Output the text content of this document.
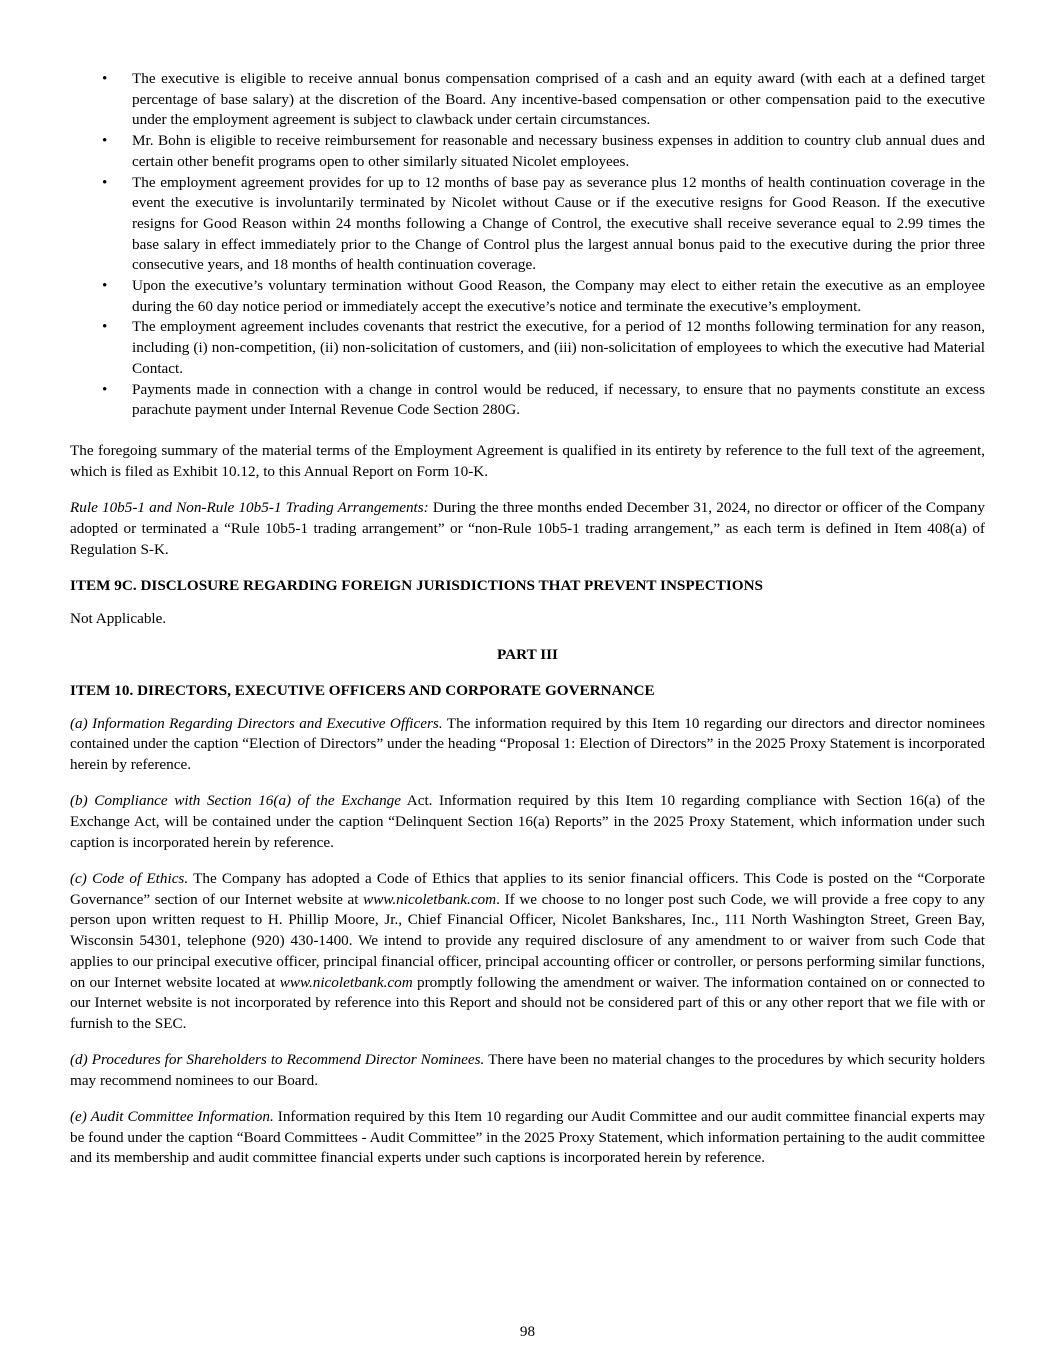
• The executive is eligible to receive annual bonus compensation comprised of a cash and an equity award (with each at a defined target percentage of base salary) at the discretion of the Board. Any incentive-based compensation or other compensation paid to the executive under the employment agreement is subject to clawback under certain circumstances.
• Mr. Bohn is eligible to receive reimbursement for reasonable and necessary business expenses in addition to country club annual dues and certain other benefit programs open to other similarly situated Nicolet employees.
• The employment agreement provides for up to 12 months of base pay as severance plus 12 months of health continuation coverage in the event the executive is involuntarily terminated by Nicolet without Cause or if the executive resigns for Good Reason. If the executive resigns for Good Reason within 24 months following a Change of Control, the executive shall receive severance equal to 2.99 times the base salary in effect immediately prior to the Change of Control plus the largest annual bonus paid to the executive during the prior three consecutive years, and 18 months of health continuation coverage.
• Upon the executive’s voluntary termination without Good Reason, the Company may elect to either retain the executive as an employee during the 60 day notice period or immediately accept the executive’s notice and terminate the executive’s employment.
• The employment agreement includes covenants that restrict the executive, for a period of 12 months following termination for any reason, including (i) non-competition, (ii) non-solicitation of customers, and (iii) non-solicitation of employees to which the executive had Material Contact.
• Payments made in connection with a change in control would be reduced, if necessary, to ensure that no payments constitute an excess parachute payment under Internal Revenue Code Section 280G.

The foregoing summary of the material terms of the Employment Agreement is qualified in its entirety by reference to the full text of the agreement, which is filed as Exhibit 10.12, to this Annual Report on Form 10-K.

Rule 10b5-1 and Non-Rule 10b5-1 Trading Arrangements: During the three months ended December 31, 2024, no director or officer of the Company adopted or terminated a “Rule 10b5-1 trading arrangement” or “non-Rule 10b5-1 trading arrangement,” as each term is defined in Item 408(a) of Regulation S-K.

ITEM 9C. DISCLOSURE REGARDING FOREIGN JURISDICTIONS THAT PREVENT INSPECTIONS

Not Applicable.

PART III
ITEM 10. DIRECTORS, EXECUTIVE OFFICERS AND CORPORATE GOVERNANCE

(a) Information Regarding Directors and Executive Officers. The information required by this Item 10 regarding our directors and director nominees contained under the caption “Election of Directors” under the heading “Proposal 1: Election of Directors” in the 2025 Proxy Statement is incorporated herein by reference.

(b) Compliance with Section 16(a) of the Exchange Act. Information required by this Item 10 regarding compliance with Section 16(a) of the Exchange Act, will be contained under the caption “Delinquent Section 16(a) Reports” in the 2025 Proxy Statement, which information under such caption is incorporated herein by reference.

(c) Code of Ethics. The Company has adopted a Code of Ethics that applies to its senior financial officers. This Code is posted on the “Corporate Governance” section of our Internet website at www.nicoletbank.com. If we choose to no longer post such Code, we will provide a free copy to any person upon written request to H. Phillip Moore, Jr., Chief Financial Officer, Nicolet Bankshares, Inc., 111 North Washington Street, Green Bay, Wisconsin 54301, telephone (920) 430-1400. We intend to provide any required disclosure of any amendment to or waiver from such Code that applies to our principal executive officer, principal financial officer, principal accounting officer or controller, or persons performing similar functions, on our Internet website located at www.nicoletbank.com promptly following the amendment or waiver. The information contained on or connected to our Internet website is not incorporated by reference into this Report and should not be considered part of this or any other report that we file with or furnish to the SEC.

(d) Procedures for Shareholders to Recommend Director Nominees. There have been no material changes to the procedures by which security holders may recommend nominees to our Board.

(e) Audit Committee Information. Information required by this Item 10 regarding our Audit Committee and our audit committee financial experts may be found under the caption “Board Committees - Audit Committee” in the 2025 Proxy Statement, which information pertaining to the audit committee and its membership and audit committee financial experts under such captions is incorporated herein by reference.

98
